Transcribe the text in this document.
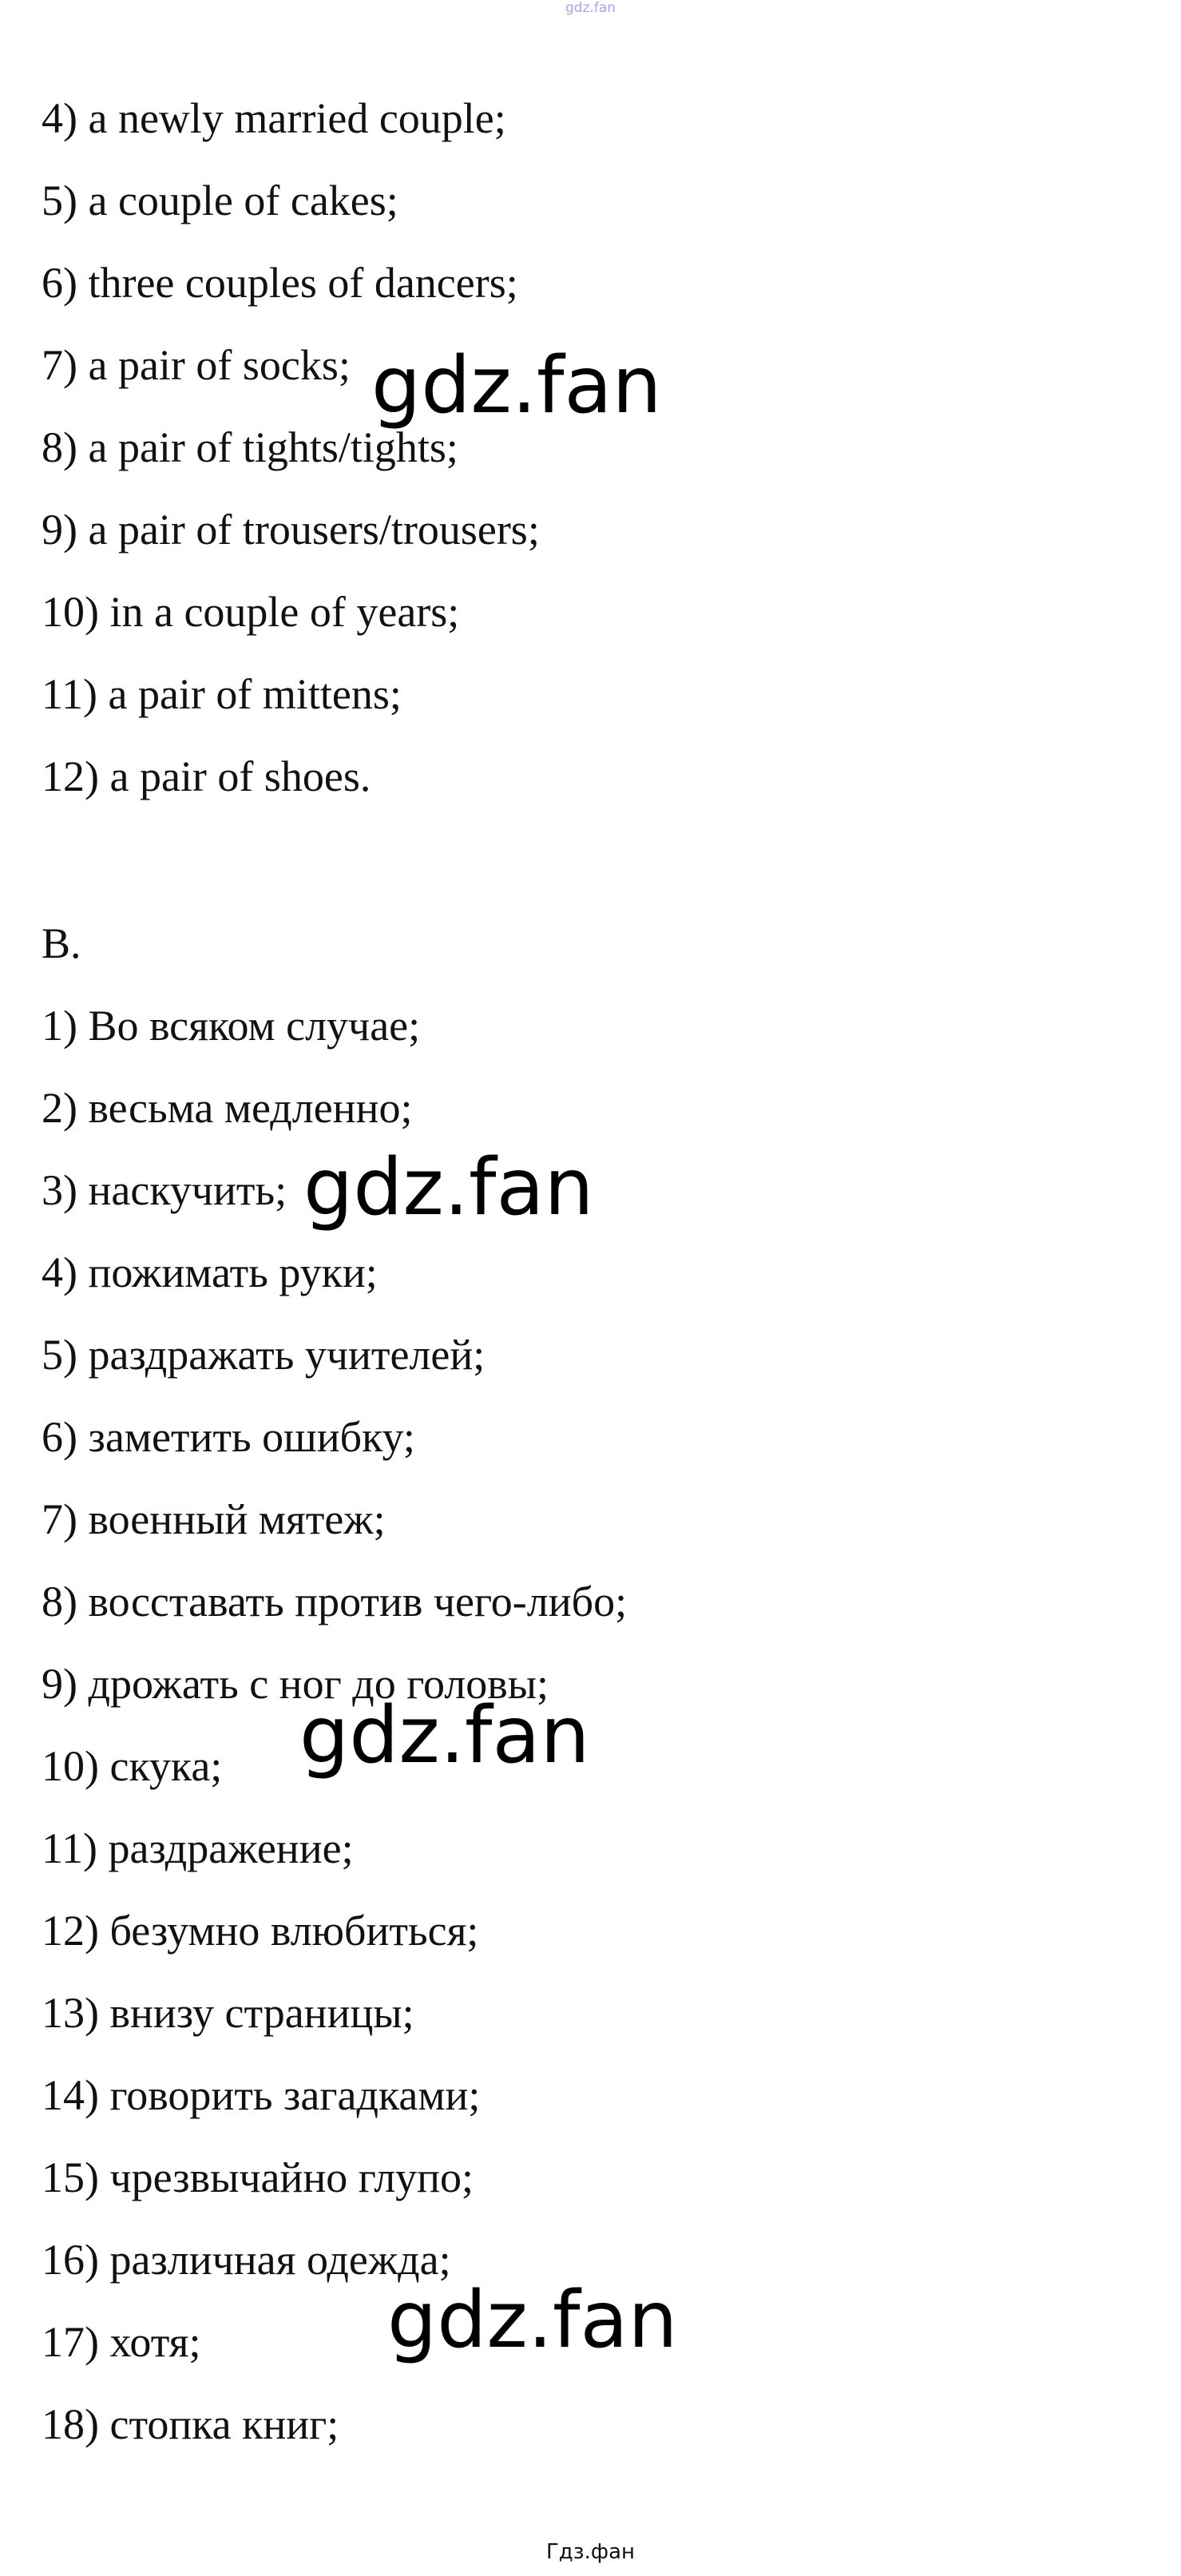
gdz.fan

4) a newly married couple;

5) a couple of cakes;

6) three couples of dancers;

7) a pair of socks;

8) a pair of tights/tights;

9) a pair of trousers/trousers;

10) in a couple of years;

11) a pair of mittens;

12) a pair of shoes.

B.

1) Во всяком случае;

2) весьма медленно;

3) наскучить;

4) пожимать руки;

5) раздражать учителей;

6) заметить ошибку;

7) военный мятеж;

8) восставать против чего-либо;

9) дрожать с ног до головы;

10) скука;

11) раздражение;

12) безумно влюбиться;

13) внизу страницы;

14) говорить загадками;

15) чрезвычайно глупо;

16) различная одежда;

17) хотя;

18) стопка книг;

gdz.fan
gdz.fan
gdz.fan
gdz.fan
Гдз.фан
